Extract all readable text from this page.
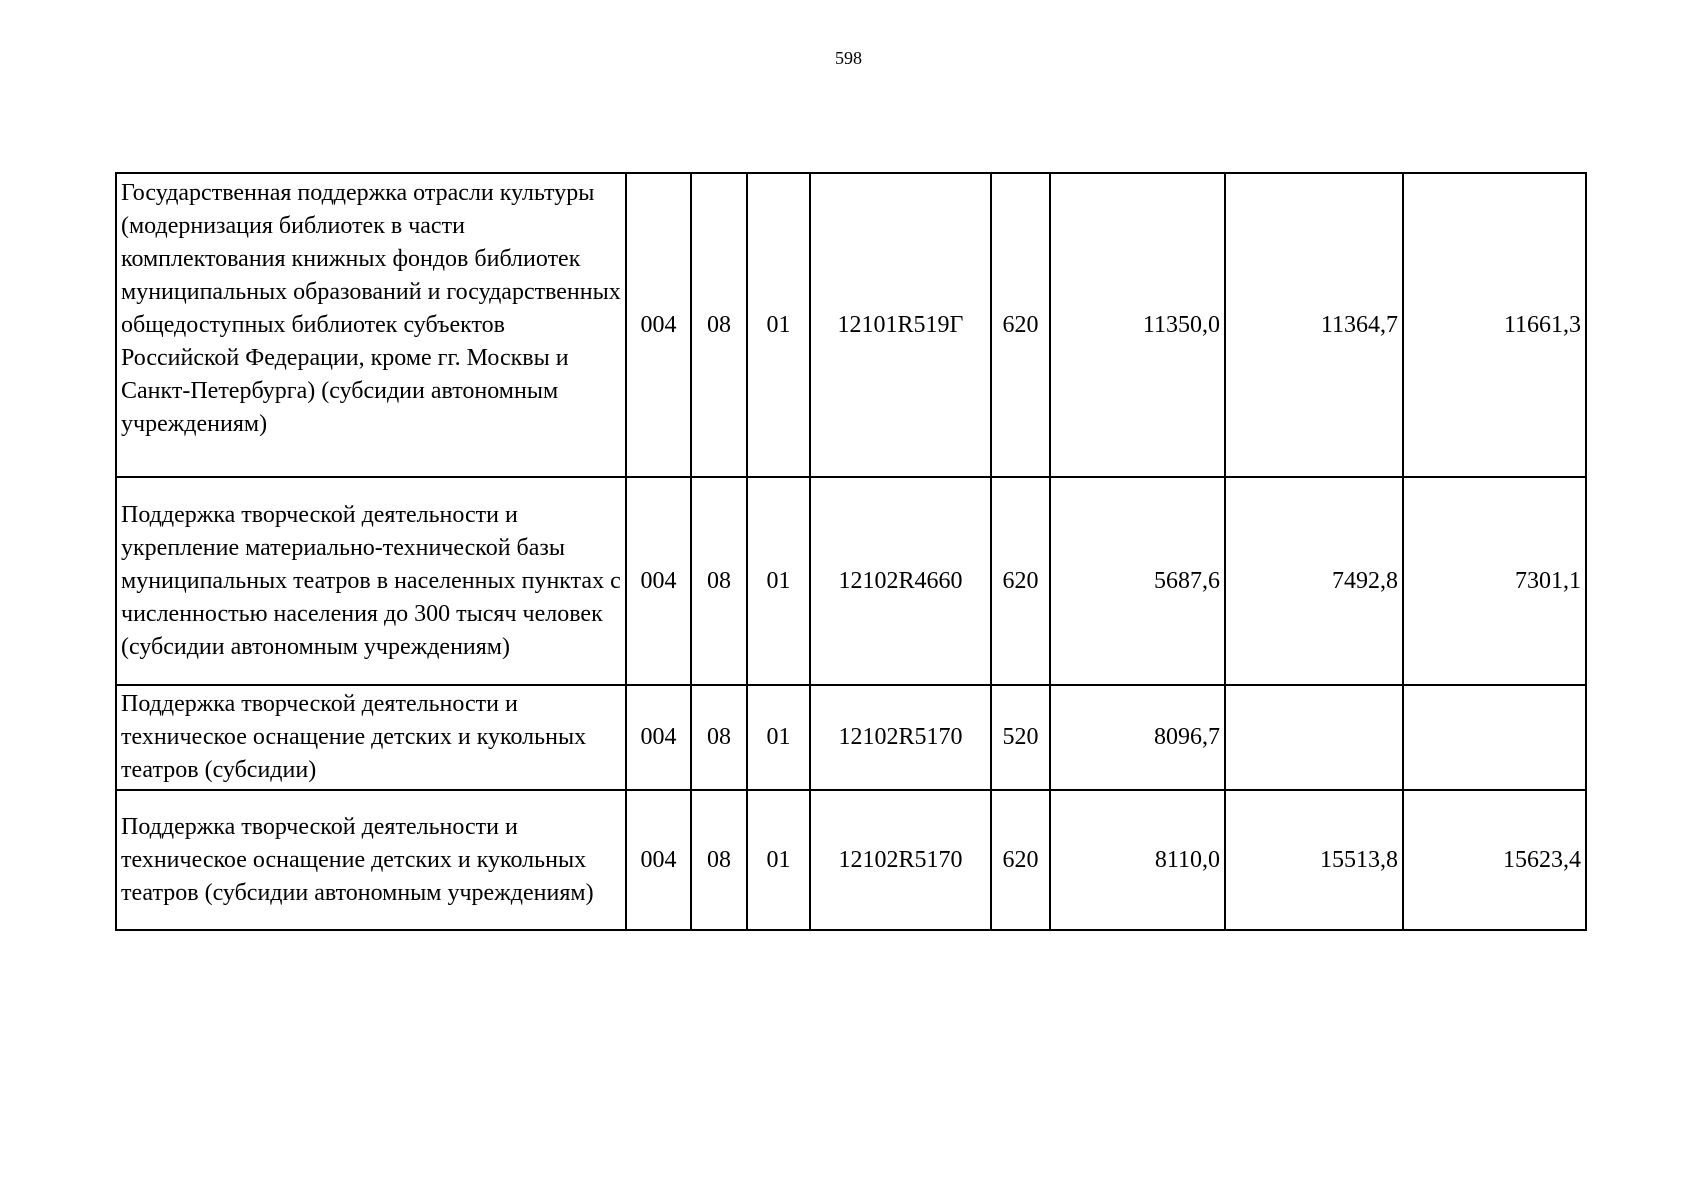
598
Государственная поддержка отрасли культуры (модернизация библиотек в части комплектования книжных фондов библиотек муниципальных образований и государственных общедоступных библиотек субъектов Российской Федерации, кроме гг. Москвы и Санкт-Петербурга) (субсидии автономным учреждениям)	004	08	01	12101R519Г	620	11350,0	11364,7	11661,3
Поддержка творческой деятельности и укрепление материально-технической базы муниципальных театров в населенных пунктах с численностью населения до 300 тысяч человек (субсидии автономным учреждениям)	004	08	01	12102R4660	620	5687,6	7492,8	7301,1
Поддержка творческой деятельности и техническое оснащение детских и кукольных театров (субсидии)	004	08	01	12102R5170	520	8096,7		
Поддержка творческой деятельности и техническое оснащение детских и кукольных театров (субсидии автономным учреждениям)	004	08	01	12102R5170	620	8110,0	15513,8	15623,4
